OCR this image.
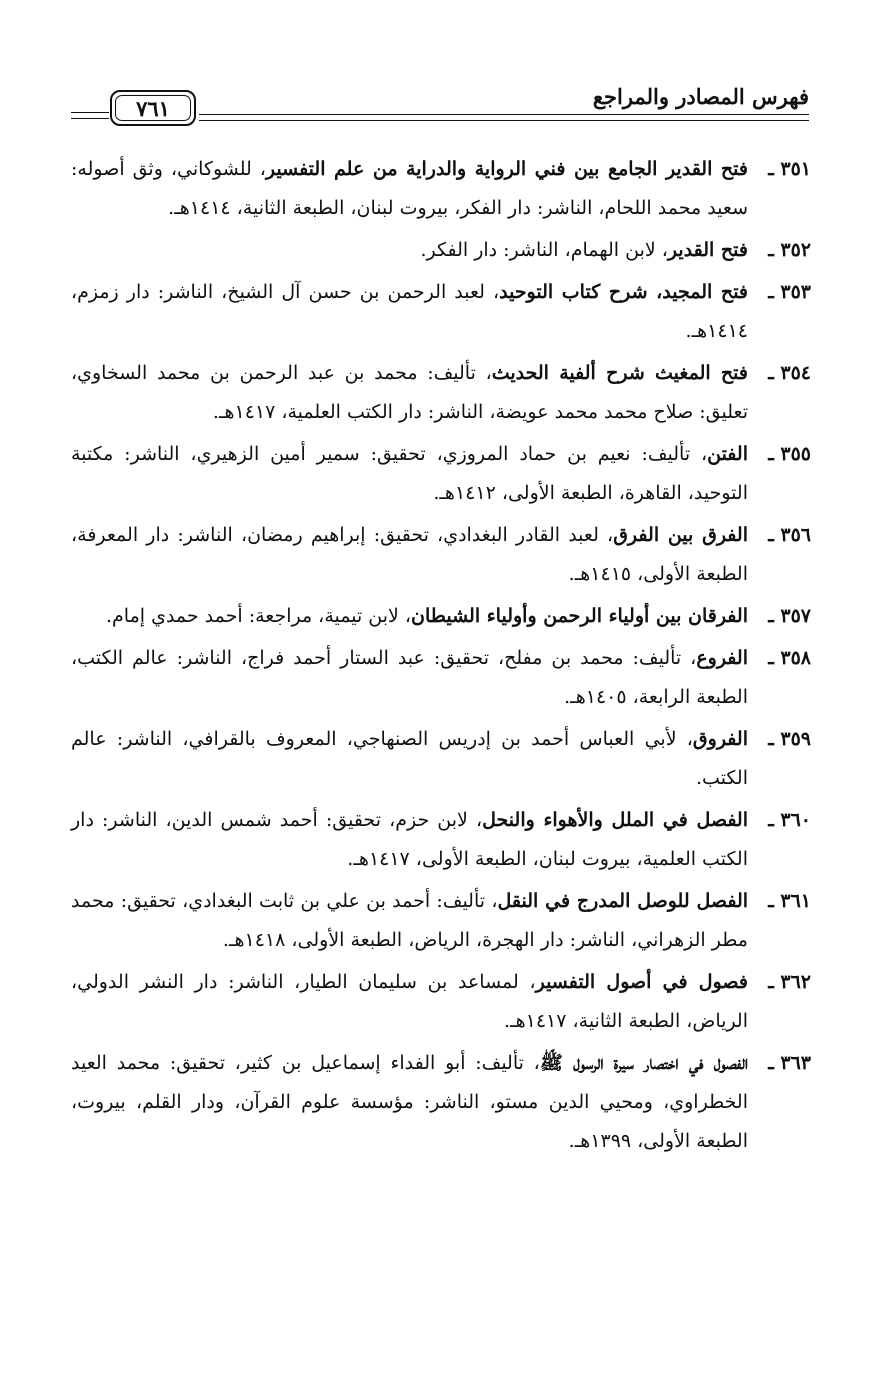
فهرس المصادر والمراجع
٧٦١
٣٥١ ـ
فتح القدير الجامع بين فني الرواية والدراية من علم التفسير، للشوكاني، وثق أصوله: سعيد محمد اللحام، الناشر: دار الفكر، بيروت لبنان، الطبعة الثانية، ١٤١٤هـ.
٣٥٢ ـ
فتح القدير، لابن الهمام، الناشر: دار الفكر.
٣٥٣ ـ
فتح المجيد، شرح كتاب التوحيد، لعبد الرحمن بن حسن آل الشيخ، الناشر: دار زمزم، ١٤١٤هـ.
٣٥٤ ـ
فتح المغيث شرح ألفية الحديث، تأليف: محمد بن عبد الرحمن بن محمد السخاوي، تعليق: صلاح محمد محمد عويضة، الناشر: دار الكتب العلمية، ١٤١٧هـ.
٣٥٥ ـ
الفتن، تأليف: نعيم بن حماد المروزي، تحقيق: سمير أمين الزهيري، الناشر: مكتبة التوحيد، القاهرة، الطبعة الأولى، ١٤١٢هـ.
٣٥٦ ـ
الفرق بين الفرق، لعبد القادر البغدادي، تحقيق: إبراهيم رمضان، الناشر: دار المعرفة، الطبعة الأولى، ١٤١٥هـ.
٣٥٧ ـ
الفرقان بين أولياء الرحمن وأولياء الشيطان، لابن تيمية، مراجعة: أحمد حمدي إمام.
٣٥٨ ـ
الفروع، تأليف: محمد بن مفلح، تحقيق: عبد الستار أحمد فراج، الناشر: عالم الكتب، الطبعة الرابعة، ١٤٠٥هـ.
٣٥٩ ـ
الفروق، لأبي العباس أحمد بن إدريس الصنهاجي، المعروف بالقرافي، الناشر: عالم الكتب.
٣٦٠ ـ
الفصل في الملل والأهواء والنحل، لابن حزم، تحقيق: أحمد شمس الدين، الناشر: دار الكتب العلمية، بيروت لبنان، الطبعة الأولى، ١٤١٧هـ.
٣٦١ ـ
الفصل للوصل المدرج في النقل، تأليف: أحمد بن علي بن ثابت البغدادي، تحقيق: محمد مطر الزهراني، الناشر: دار الهجرة، الرياض، الطبعة الأولى، ١٤١٨هـ.
٣٦٢ ـ
فصول في أصول التفسير، لمساعد بن سليمان الطيار، الناشر: دار النشر الدولي، الرياض، الطبعة الثانية، ١٤١٧هـ.
٣٦٣ ـ
الفصول في اختصار سيرة الرسول ﷺ، تأليف: أبو الفداء إسماعيل بن كثير، تحقيق: محمد العيد الخطراوي، ومحيي الدين مستو، الناشر: مؤسسة علوم القرآن، ودار القلم، بيروت، الطبعة الأولى، ١٣٩٩هـ.
